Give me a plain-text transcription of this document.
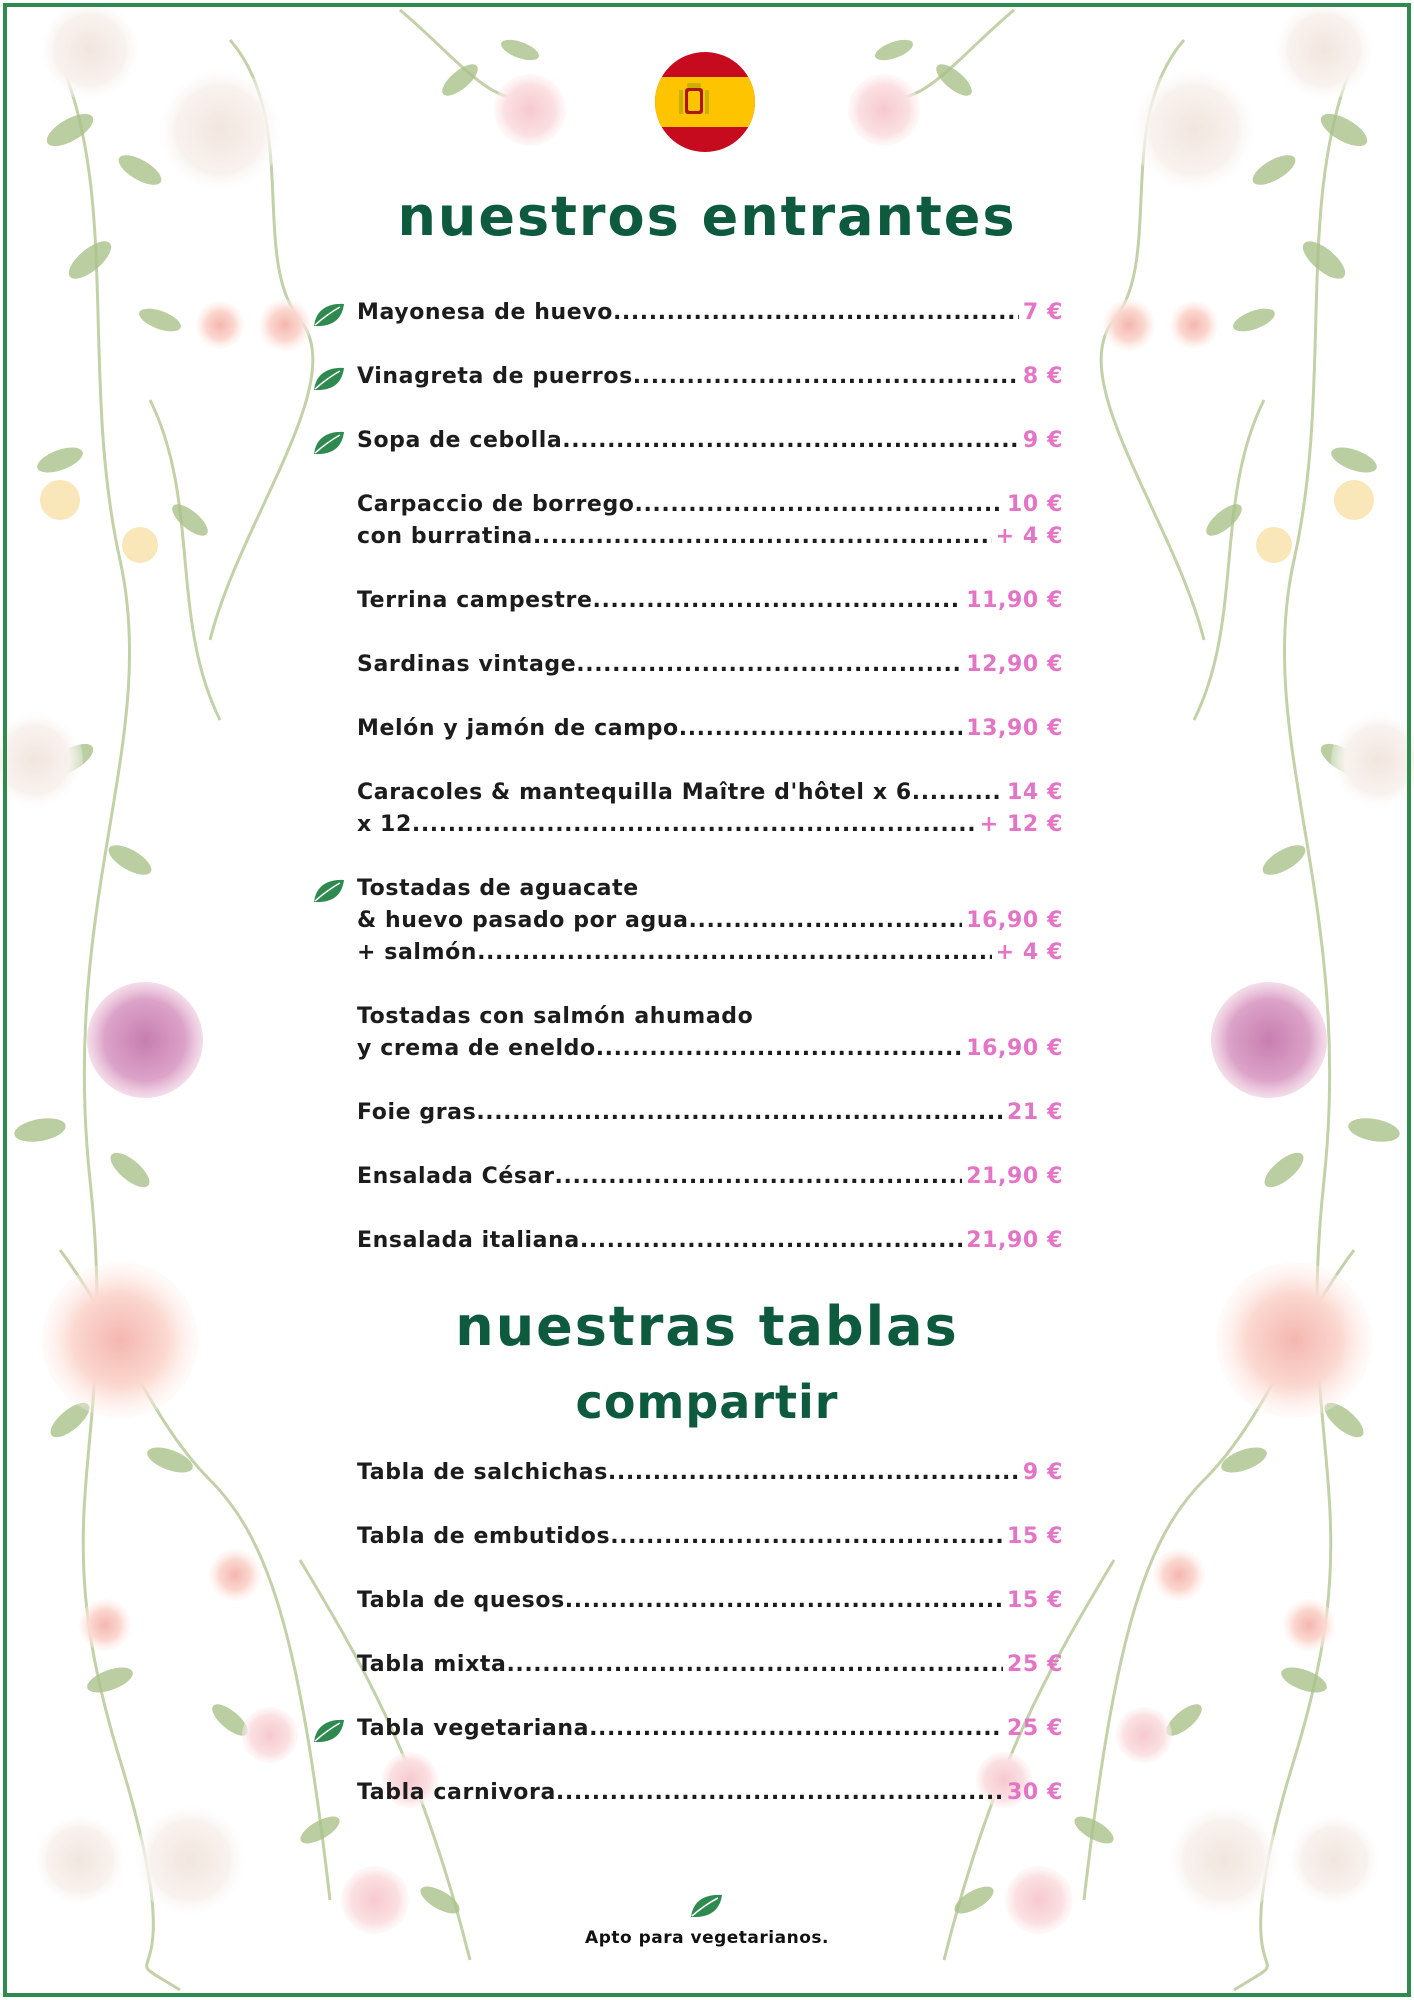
nuestros entrantes
Mayonesa de huevo .....	7 €
Vinagreta de puerros .....	8 €
Sopa de cebolla .....	9 €
Carpaccio de borrego .....	10 €
con burratina .....	+ 4 €
Terrina campestre .....	11,90 €
Sardinas vintage .....	12,90 €
Melón y jamón de campo .....	13,90 €
Caracoles & mantequilla Maître d'hôtel x 6 .....	14 €
x 12 .....	+ 12 €
Tostadas de aguacate
& huevo pasado por agua .....	16,90 €
+ salmón .....	+ 4 €
Tostadas con salmón ahumado
y crema de eneldo .....	16,90 €
Foie gras .....	21 €
Ensalada César .....	21,90 €
Ensalada italiana .....	21,90 €
nuestras tablas
compartir
Tabla de salchichas .....	9 €
Tabla de embutidos .....	15 €
Tabla de quesos .....	15 €
Tabla mixta .....	25 €
Tabla vegetariana .....	25 €
Tabla carnivora .....	30 €
Apto para vegetarianos.
